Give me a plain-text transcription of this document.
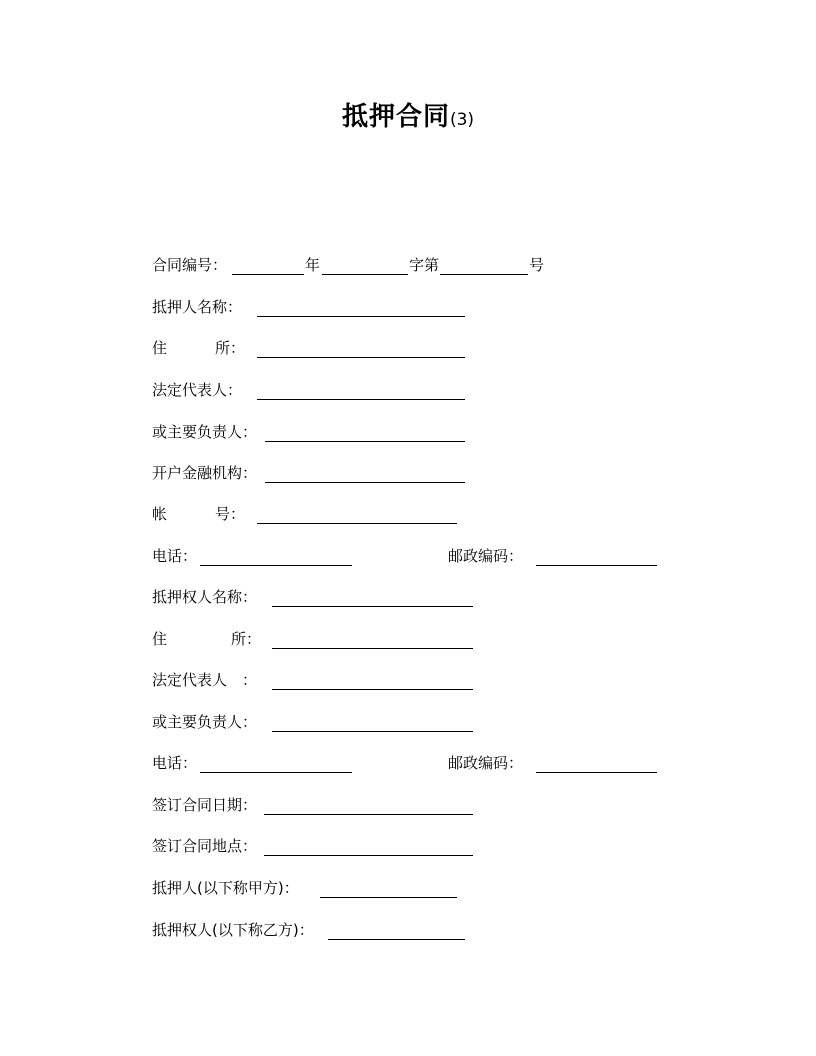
抵押合同(3)
合同编号：	年	字第	号
抵押人名称：
住	所：
法定代表人：
或主要负责人：
开户金融机构：
帐	号：
电话：	邮政编码：
抵押权人名称：
住	所：
法定代表人 ：
或主要负责人：
电话：	邮政编码：
签订合同日期：
签订合同地点：
抵押人(以下称甲方)：
抵押权人(以下称乙方)：
